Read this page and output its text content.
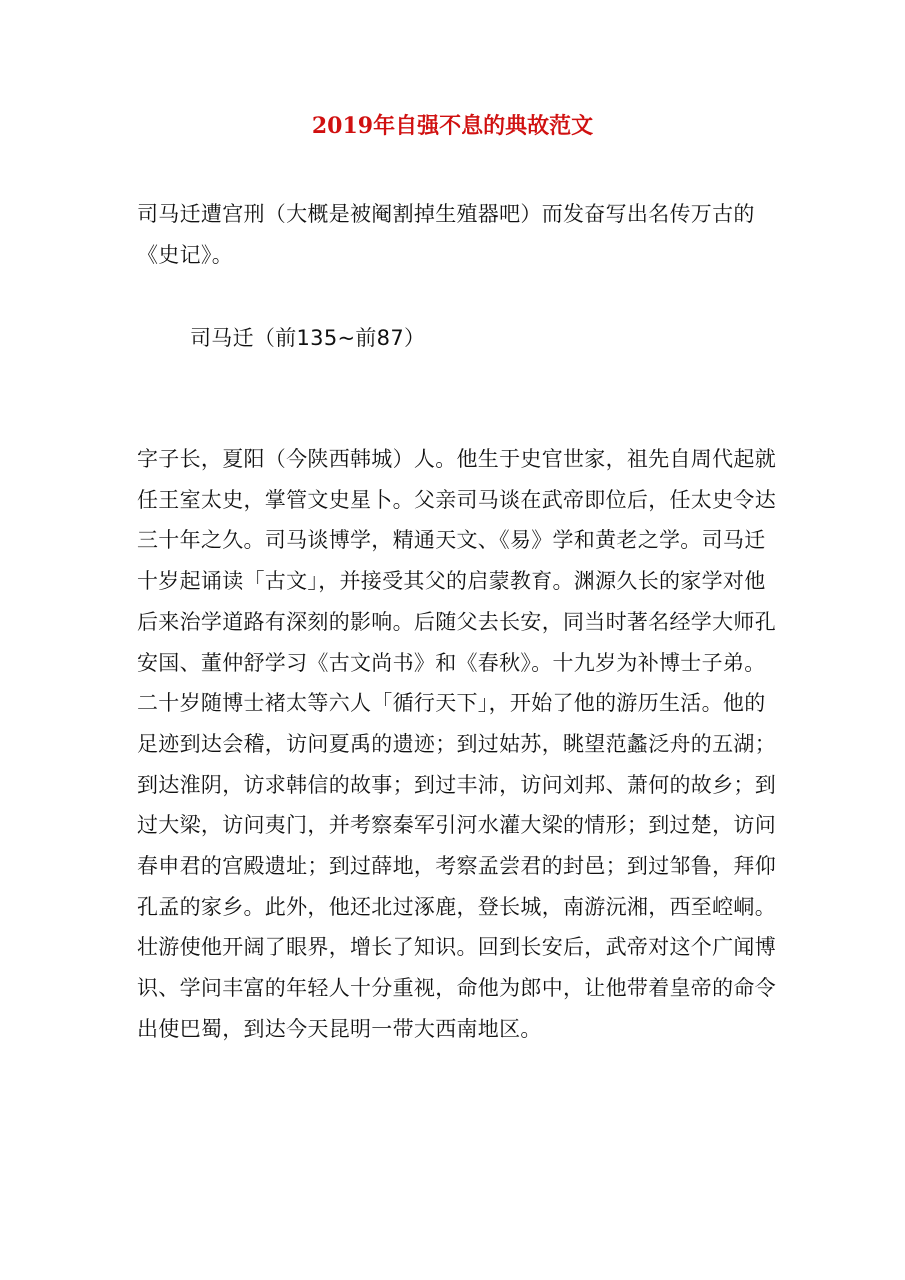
2019年自强不息的典故范文

司马迁遭宫刑（大概是被阉割掉生殖器吧）而发奋写出名传万古的《史记》。

司马迁（前135~前87）

字子长，夏阳（今陕西韩城）人。他生于史官世家，祖先自周代起就任王室太史，掌管文史星卜。父亲司马谈在武帝即位后，任太史令达三十年之久。司马谈博学，精通天文、《易》学和黄老之学。司马迁十岁起诵读「古文」，并接受其父的启蒙教育。渊源久长的家学对他后来治学道路有深刻的影响。后随父去长安，同当时著名经学大师孔安国、董仲舒学习《古文尚书》和《春秋》。十九岁为补博士子弟。二十岁随博士褚太等六人「循行天下」，开始了他的游历生活。他的足迹到达会稽，访问夏禹的遗迹；到过姑苏，眺望范蠡泛舟的五湖；到达淮阴，访求韩信的故事；到过丰沛，访问刘邦、萧何的故乡；到过大梁，访问夷门，并考察秦军引河水灌大梁的情形；到过楚，访问春申君的宫殿遗址；到过薛地，考察孟尝君的封邑；到过邹鲁，拜仰孔孟的家乡。此外，他还北过涿鹿，登长城，南游沅湘，西至崆峒。壮游使他开阔了眼界，增长了知识。回到长安后，武帝对这个广闻博识、学问丰富的年轻人十分重视，命他为郎中，让他带着皇帝的命令出使巴蜀，到达今天昆明一带大西南地区。
